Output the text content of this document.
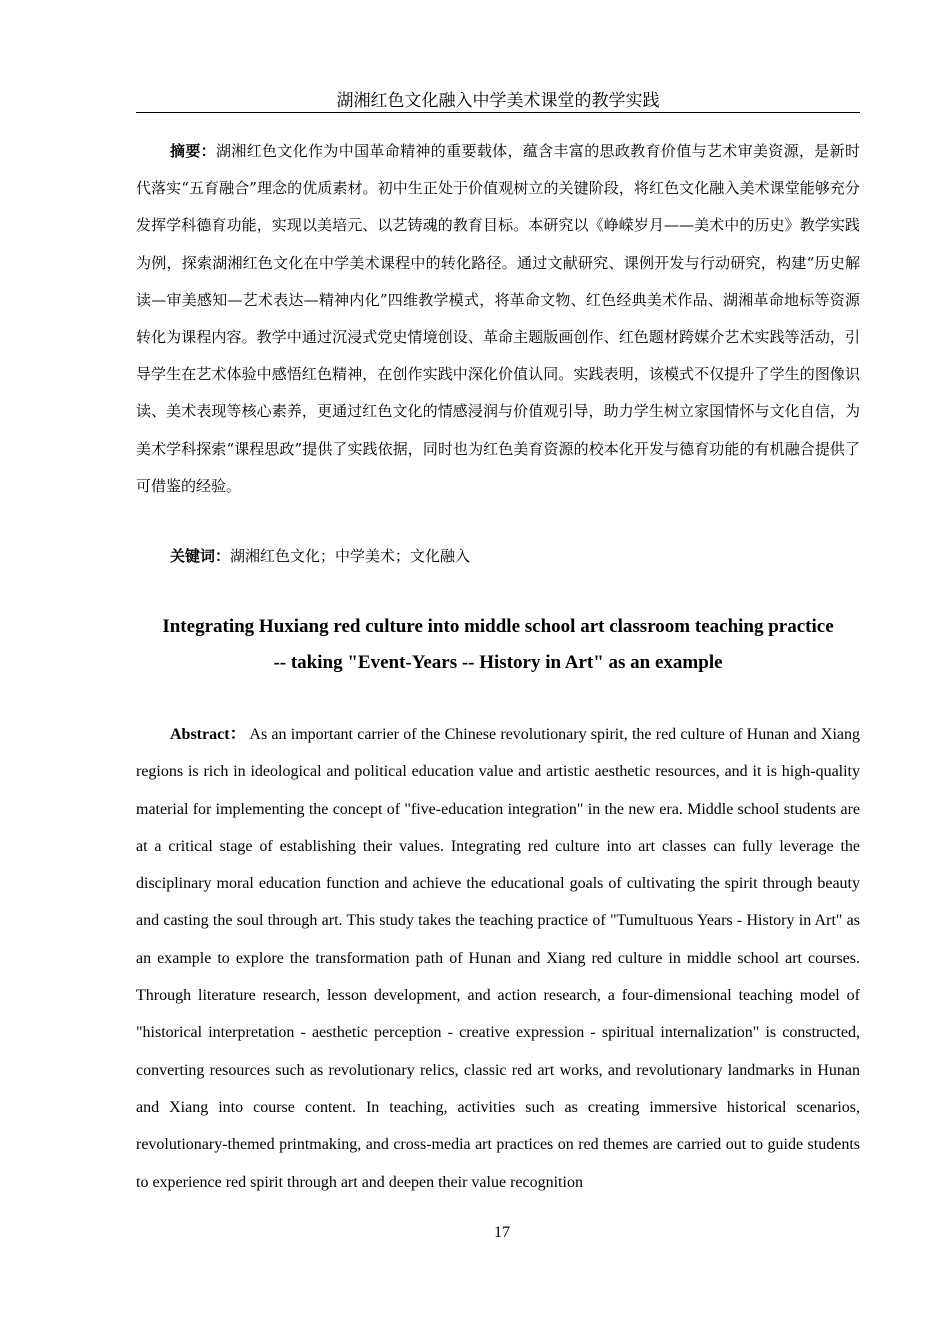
湖湘红色文化融入中学美术课堂的教学实践

摘要：湖湘红色文化作为中国革命精神的重要载体，蕴含丰富的思政教育价值与艺术审美资源，是新时代落实“五育融合”理念的优质素材。初中生正处于价值观树立的关键阶段，将红色文化融入美术课堂能够充分发挥学科德育功能，实现以美培元、以艺铸魂的教育目标。本研究以《峥嵘岁月——美术中的历史》教学实践为例，探索湖湘红色文化在中学美术课程中的转化路径。通过文献研究、课例开发与行动研究，构建“历史解读—审美感知—艺术表达—精神内化”四维教学模式，将革命文物、红色经典美术作品、湖湘革命地标等资源转化为课程内容。教学中通过沉浸式党史情境创设、革命主题版画创作、红色题材跨媒介艺术实践等活动，引导学生在艺术体验中感悟红色精神，在创作实践中深化价值认同。实践表明，该模式不仅提升了学生的图像识读、美术表现等核心素养，更通过红色文化的情感浸润与价值观引导，助力学生树立家国情怀与文化自信，为美术学科探索“课程思政”提供了实践依据，同时也为红色美育资源的校本化开发与德育功能的有机融合提供了可借鉴的经验。

关键词：湖湘红色文化；中学美术；文化融入

Integrating Huxiang red culture into middle school art classroom teaching practice
-- taking "Event-Years -- History in Art" as an example

Abstract： As an important carrier of the Chinese revolutionary spirit, the red culture of Hunan and Xiang regions is rich in ideological and political education value and artistic aesthetic resources, and it is high-quality material for implementing the concept of "five-education integration" in the new era. Middle school students are at a critical stage of establishing their values. Integrating red culture into art classes can fully leverage the disciplinary moral education function and achieve the educational goals of cultivating the spirit through beauty and casting the soul through art. This study takes the teaching practice of "Tumultuous Years - History in Art" as an example to explore the transformation path of Hunan and Xiang red culture in middle school art courses. Through literature research, lesson development, and action research, a four-dimensional teaching model of "historical interpretation - aesthetic perception - creative expression - spiritual internalization" is constructed, converting resources such as revolutionary relics, classic red art works, and revolutionary landmarks in Hunan and Xiang into course content. In teaching, activities such as creating immersive historical scenarios, revolutionary-themed printmaking, and cross-media art practices on red themes are carried out to guide students to experience red spirit through art and deepen their value recognition

17
